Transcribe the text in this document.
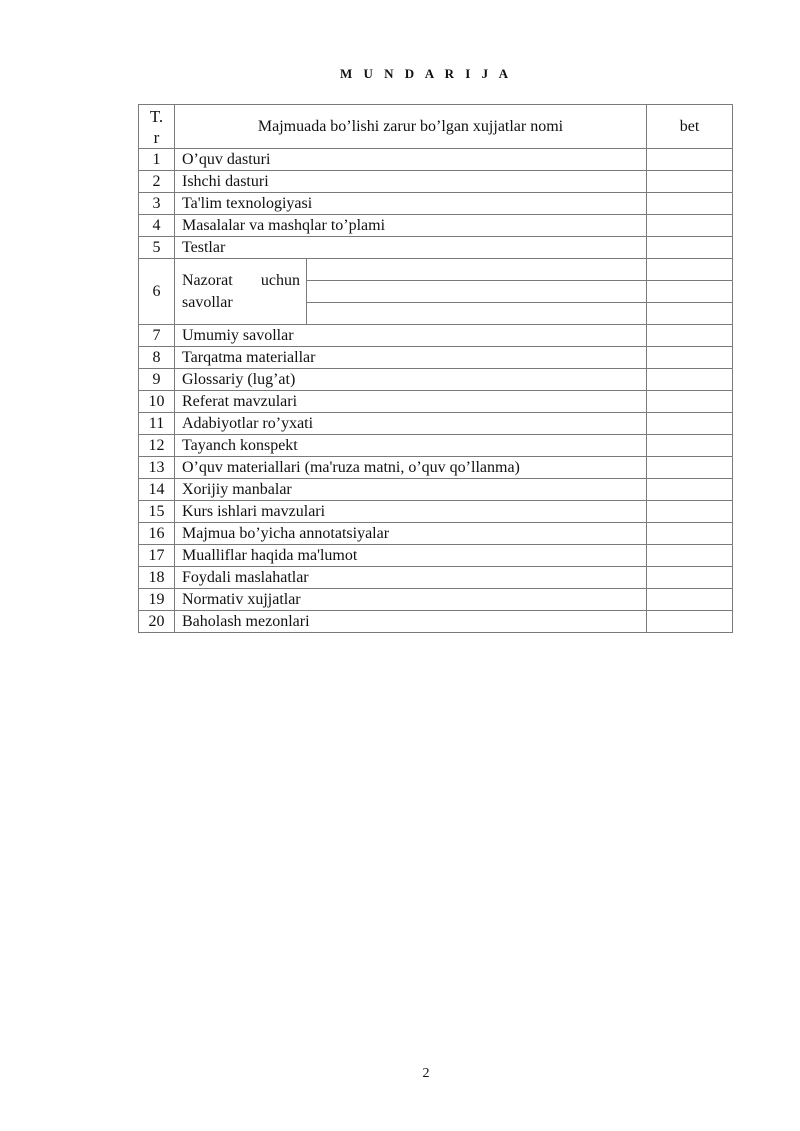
M U N D A R I J A
T.
r	Majmuada bo’lishi zarur bo’lgan xujjatlar nomi		bet
1	O’quv dasturi		
2	Ishchi dasturi		
3	Ta'lim texnologiyasi		
4	Masalalar va mashqlar to’plami		
5	Testlar		
6	Nazorat uchun savollar		

7	Umumiy savollar		
8	Tarqatma materiallar		
9	Glossariy (lug’at)		
10	Referat mavzulari		
11	Adabiyotlar ro’yxati		
12	Tayanch konspekt		
13	O’quv materiallari (ma'ruza matni, o’quv qo’llanma)		
14	Xorijiy manbalar		
15	Kurs ishlari mavzulari		
16	Majmua bo’yicha annotatsiyalar		
17	Mualliflar haqida ma'lumot		
18	Foydali maslahatlar		
19	Normativ xujjatlar		
20	Baholash mezonlari		
2
